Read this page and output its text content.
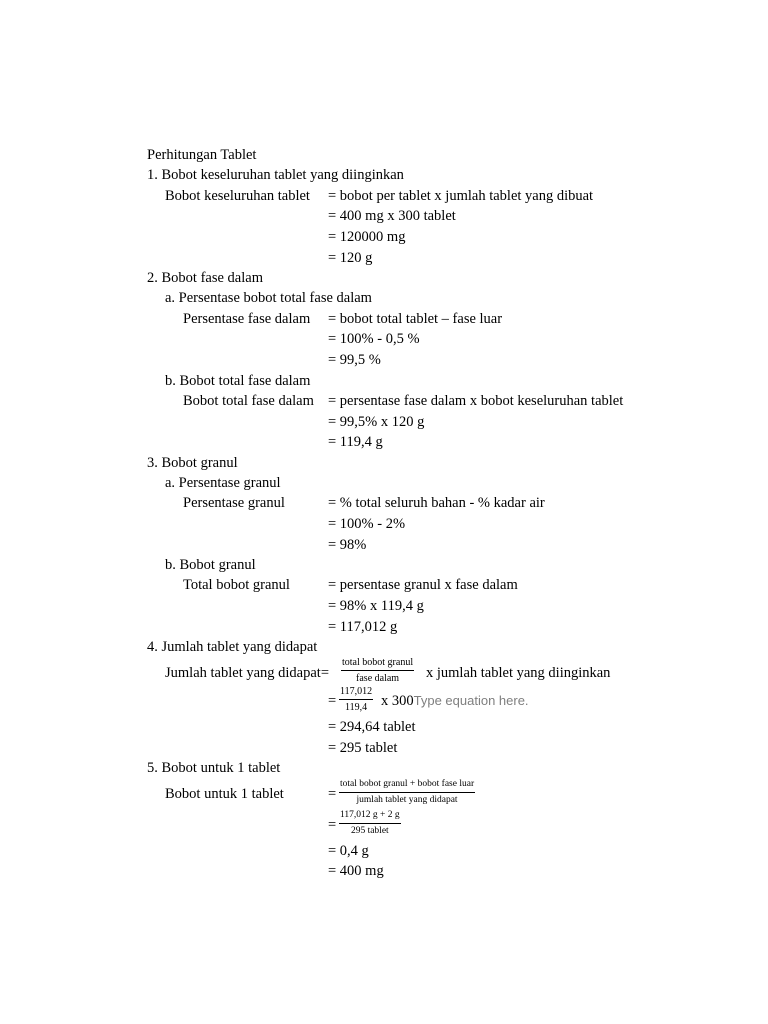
Perhitungan Tablet
1. Bobot keseluruhan tablet yang diinginkan
Bobot keseluruhan tablet = bobot per tablet x jumlah tablet yang dibuat
= 400 mg x 300 tablet
= 120000 mg
= 120 g
2. Bobot fase dalam
a. Persentase bobot total fase dalam
Persentase fase dalam = bobot total tablet – fase luar
= 100% - 0,5 %
= 99,5 %
b. Bobot total fase dalam
Bobot total fase dalam = persentase fase dalam x bobot keseluruhan tablet
= 99,5% x 120 g
= 119,4 g
3. Bobot granul
a. Persentase granul
Persentase granul	= % total seluruh bahan - % kadar air
= 100% - 2%
= 98%
b. Bobot granul
Total bobot granul	= persentase granul x fase dalam
= 98% x 119,4 g
= 117,012 g
4. Jumlah tablet yang didapat
Jumlah tablet yang didapat=
total bobot granul
fase dalam	x jumlah tablet yang diinginkan
= $\frac{117,012}{119,4}$ x 300Type equation here.
= 294,64 tablet
= 295 tablet
5. Bobot untuk 1 tablet
Bobot untuk 1 tablet	=
total bobot granul + bobot fase luar
jumlah tablet yang didapat
=
117,012 g + 2 g
295 tablet
= 0,4 g
= 400 mg
